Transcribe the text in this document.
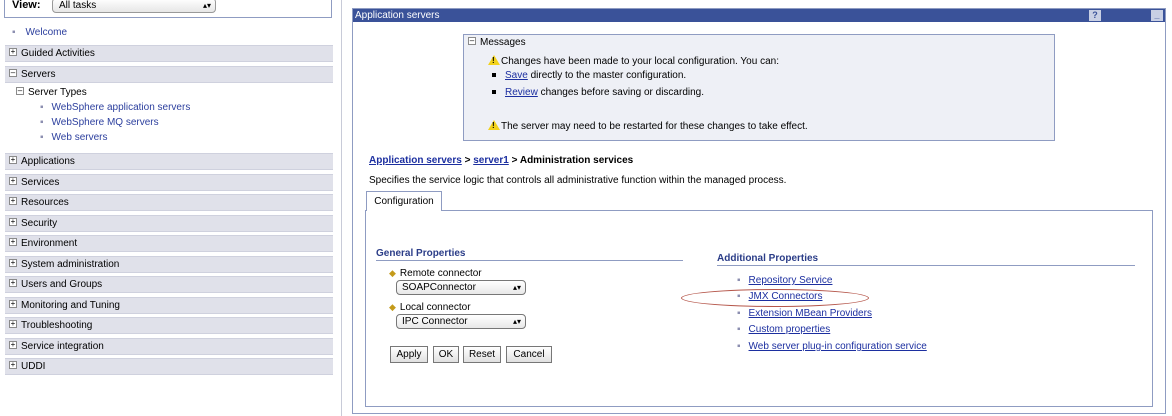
View:	All tasks	▴▾
▪ Welcome
+ Guided Activities
– Servers
– Server Types
▪ WebSphere application servers
▪ WebSphere MQ servers
▪ Web servers
+ Applications
+ Services
+ Resources
+ Security
+ Environment
+ System administration
+ Users and Groups
+ Monitoring and Tuning
+ Troubleshooting
+ Service integration
+ UDDI
Application servers	?	_
– Messages
!Changes have been made to your local configuration. You can:
Save directly to the master configuration.
Review changes before saving or discarding.
!The server may need to be restarted for these changes to take effect.
Application servers > server1 > Administration services
Specifies the service logic that controls all administrative function within the managed process.
Configuration
General Properties
◆ Remote connector
SOAPConnector	▴▾
◆ Local connector
IPC Connector	▴▾
Apply	OK	Reset	Cancel
Additional Properties
▪ Repository Service
▪ JMX Connectors
▪ Extension MBean Providers
▪ Custom properties
▪ Web server plug-in configuration service
